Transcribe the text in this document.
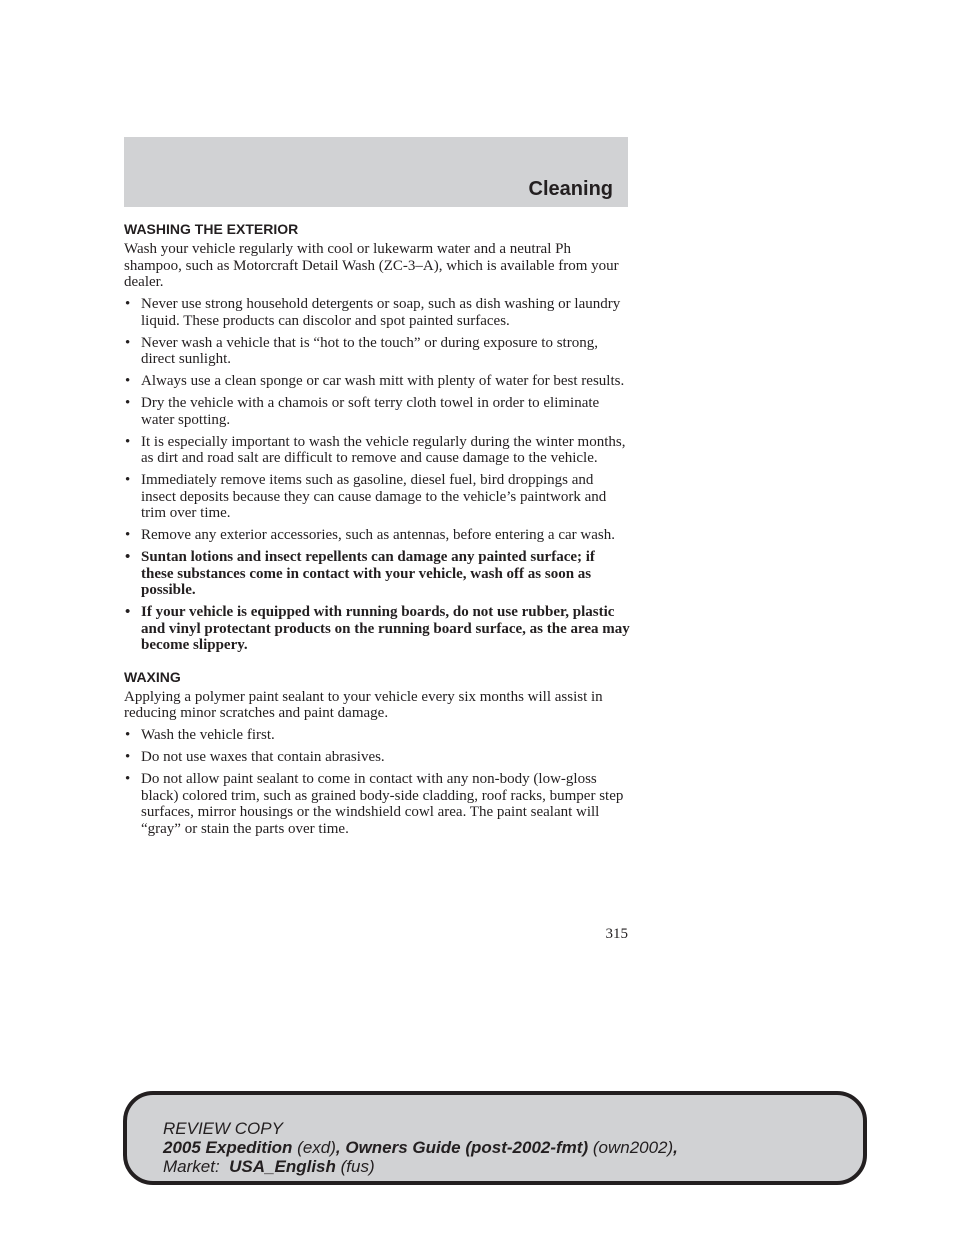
Cleaning
WASHING THE EXTERIOR

Wash your vehicle regularly with cool or lukewarm water and a neutral Ph shampoo, such as Motorcraft Detail Wash (ZC-3–A), which is available from your dealer.

• Never use strong household detergents or soap, such as dish washing or laundry liquid. These products can discolor and spot painted surfaces.
• Never wash a vehicle that is “hot to the touch” or during exposure to strong, direct sunlight.
• Always use a clean sponge or car wash mitt with plenty of water for best results.
• Dry the vehicle with a chamois or soft terry cloth towel in order to eliminate water spotting.
• It is especially important to wash the vehicle regularly during the winter months, as dirt and road salt are difficult to remove and cause damage to the vehicle.
• Immediately remove items such as gasoline, diesel fuel, bird droppings and insect deposits because they can cause damage to the vehicle’s paintwork and trim over time.
• Remove any exterior accessories, such as antennas, before entering a car wash.
• Suntan lotions and insect repellents can damage any painted surface; if these substances come in contact with your vehicle, wash off as soon as possible.
• If your vehicle is equipped with running boards, do not use rubber, plastic and vinyl protectant products on the running board surface, as the area may become slippery.
WAXING

Applying a polymer paint sealant to your vehicle every six months will assist in reducing minor scratches and paint damage.

• Wash the vehicle first.
• Do not use waxes that contain abrasives.
• Do not allow paint sealant to come in contact with any non-body (low-gloss black) colored trim, such as grained body-side cladding, roof racks, bumper step surfaces, mirror housings or the windshield cowl area. The paint sealant will “gray” or stain the parts over time.
315
REVIEW COPY
2005 Expedition (exd), Owners Guide (post-2002-fmt) (own2002),
Market: USA_English (fus)
